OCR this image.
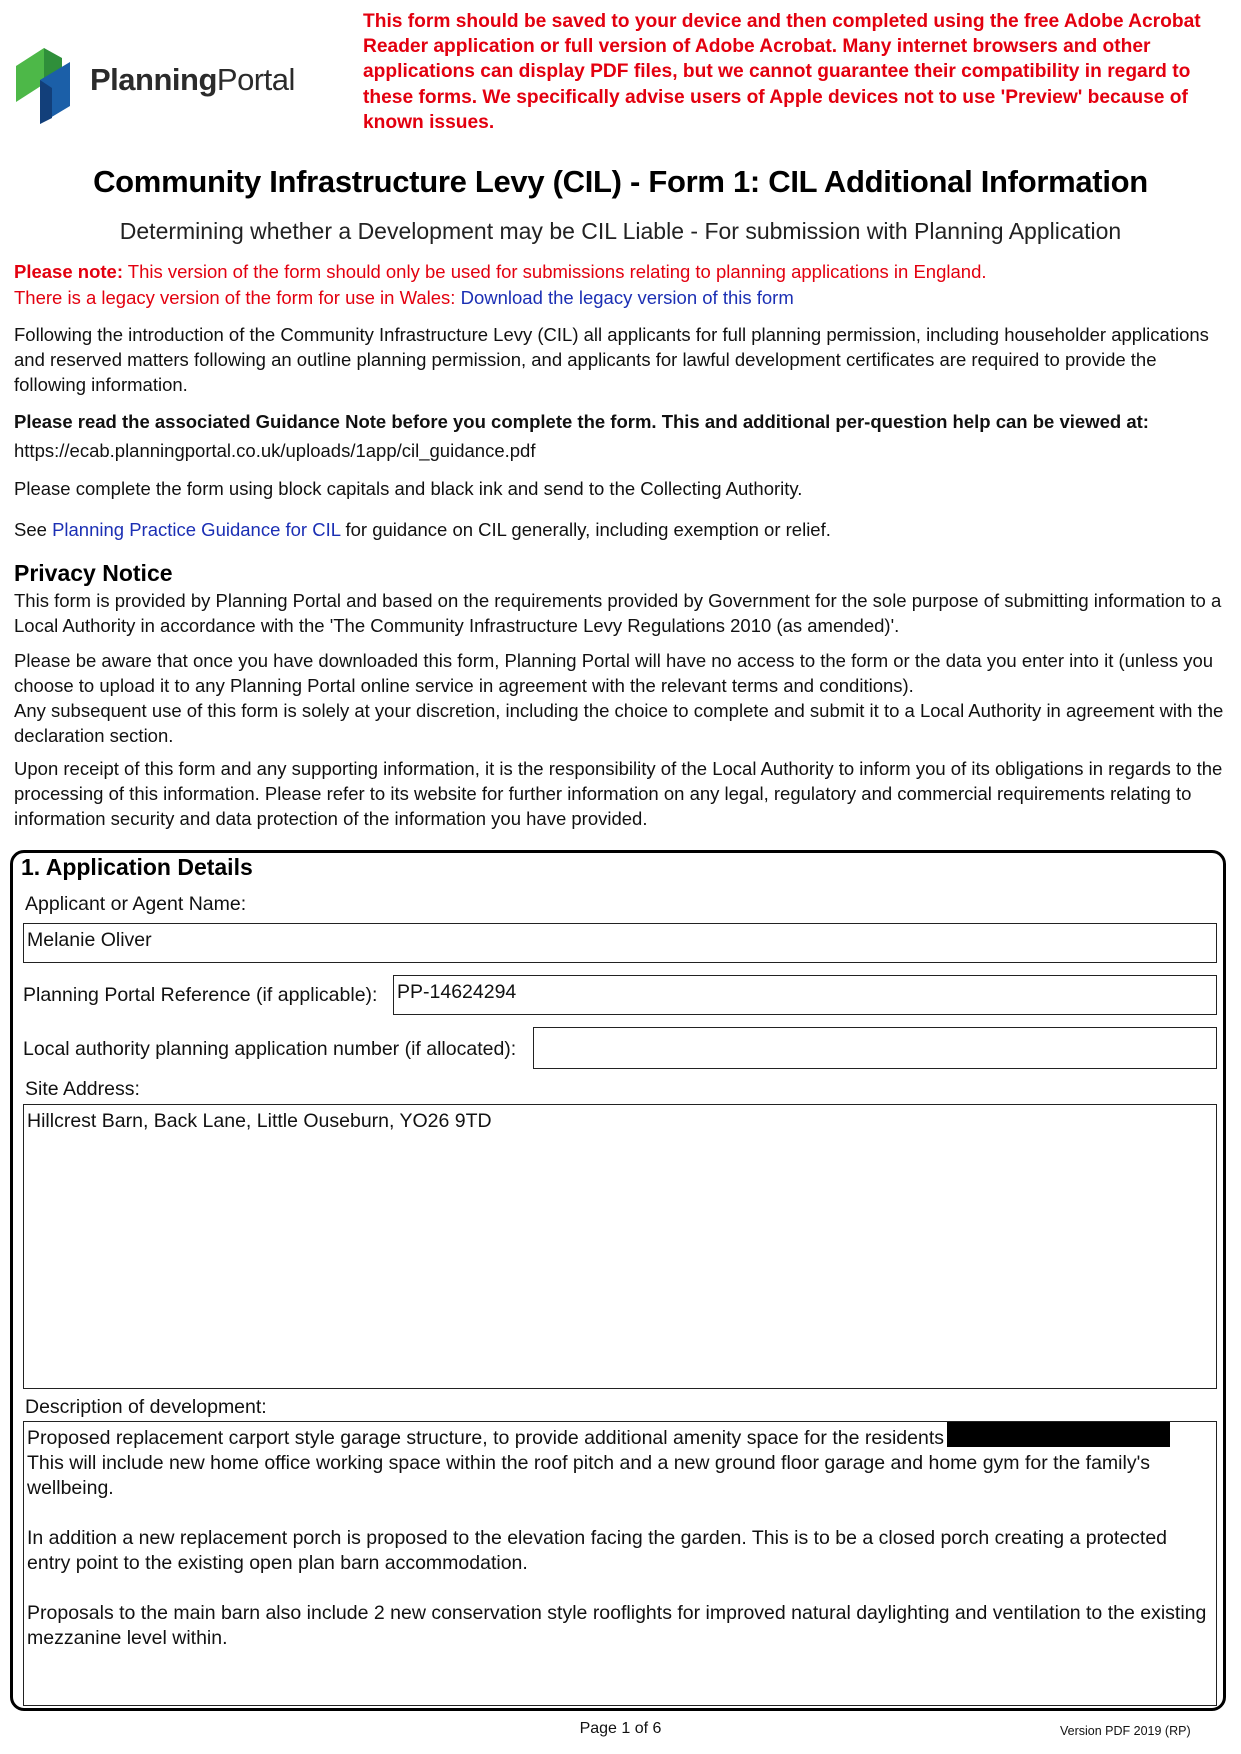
PlanningPortal
This form should be saved to your device and then completed using the free Adobe Acrobat Reader application or full version of Adobe Acrobat. Many internet browsers and other applications can display PDF files, but we cannot guarantee their compatibility in regard to these forms. We specifically advise users of Apple devices not to use 'Preview' because of known issues.
Community Infrastructure Levy (CIL) - Form 1: CIL Additional Information
Determining whether a Development may be CIL Liable - For submission with Planning Application
Please note: This version of the form should only be used for submissions relating to planning applications in England.
There is a legacy version of the form for use in Wales: Download the legacy version of this form
Following the introduction of the Community Infrastructure Levy (CIL) all applicants for full planning permission, including householder applications and reserved matters following an outline planning permission, and applicants for lawful development certificates are required to provide the following information.
Please read the associated Guidance Note before you complete the form. This and additional per-question help can be viewed at:
https://ecab.planningportal.co.uk/uploads/1app/cil_guidance.pdf
Please complete the form using block capitals and black ink and send to the Collecting Authority.
See Planning Practice Guidance for CIL for guidance on CIL generally, including exemption or relief.
Privacy Notice
This form is provided by Planning Portal and based on the requirements provided by Government for the sole purpose of submitting information to a Local Authority in accordance with the 'The Community Infrastructure Levy Regulations 2010 (as amended)'.
Please be aware that once you have downloaded this form, Planning Portal will have no access to the form or the data you enter into it (unless you choose to upload it to any Planning Portal online service in agreement with the relevant terms and conditions).
Any subsequent use of this form is solely at your discretion, including the choice to complete and submit it to a Local Authority in agreement with the declaration section.
Upon receipt of this form and any supporting information, it is the responsibility of the Local Authority to inform you of its obligations in regards to the processing of this information. Please refer to its website for further information on any legal, regulatory and commercial requirements relating to information security and data protection of the information you have provided.
1. Application Details
Applicant or Agent Name:
Melanie Oliver
Planning Portal Reference (if applicable): PP-14624294
Local authority planning application number (if allocated):
Site Address:
Hillcrest Barn, Back Lane, Little Ouseburn, YO26 9TD
Description of development:
Proposed replacement carport style garage structure, to provide additional amenity space for the residents
This will include new home office working space within the roof pitch and a new ground floor garage and home gym for the family's wellbeing.

In addition a new replacement porch is proposed to the elevation facing the garden. This is to be a closed porch creating a protected entry point to the existing open plan barn accommodation.

Proposals to the main barn also include 2 new conservation style rooflights for improved natural daylighting and ventilation to the existing mezzanine level within.
Page 1 of 6	Version PDF 2019 (RP)
